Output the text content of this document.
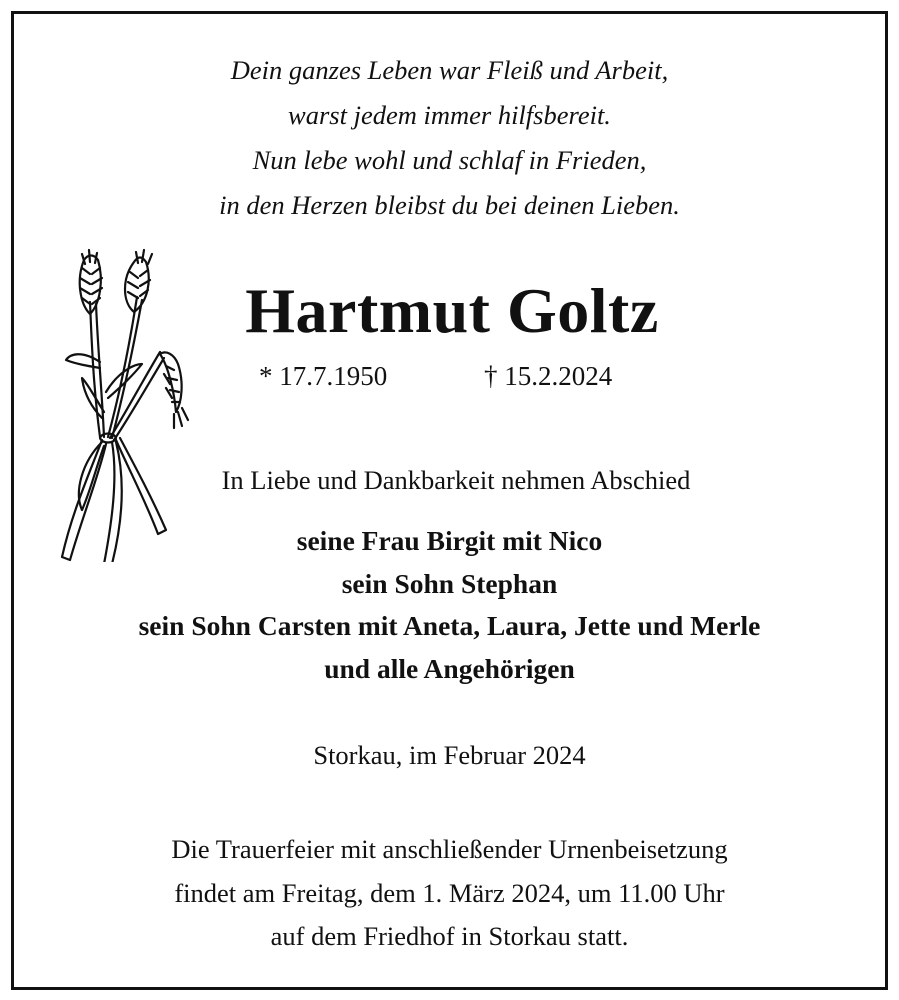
Dein ganzes Leben war Fleiß und Arbeit,
warst jedem immer hilfsbereit.
Nun lebe wohl und schlaf in Frieden,
in den Herzen bleibst du bei deinen Lieben.
Hartmut Goltz
* 17.7.1950	† 15.2.2024
In Liebe und Dankbarkeit nehmen Abschied
seine Frau Birgit mit Nico
sein Sohn Stephan
sein Sohn Carsten mit Aneta, Laura, Jette und Merle
und alle Angehörigen
Storkau, im Februar 2024
Die Trauerfeier mit anschließender Urnenbeisetzung
findet am Freitag, dem 1. März 2024, um 11.00 Uhr
auf dem Friedhof in Storkau statt.
